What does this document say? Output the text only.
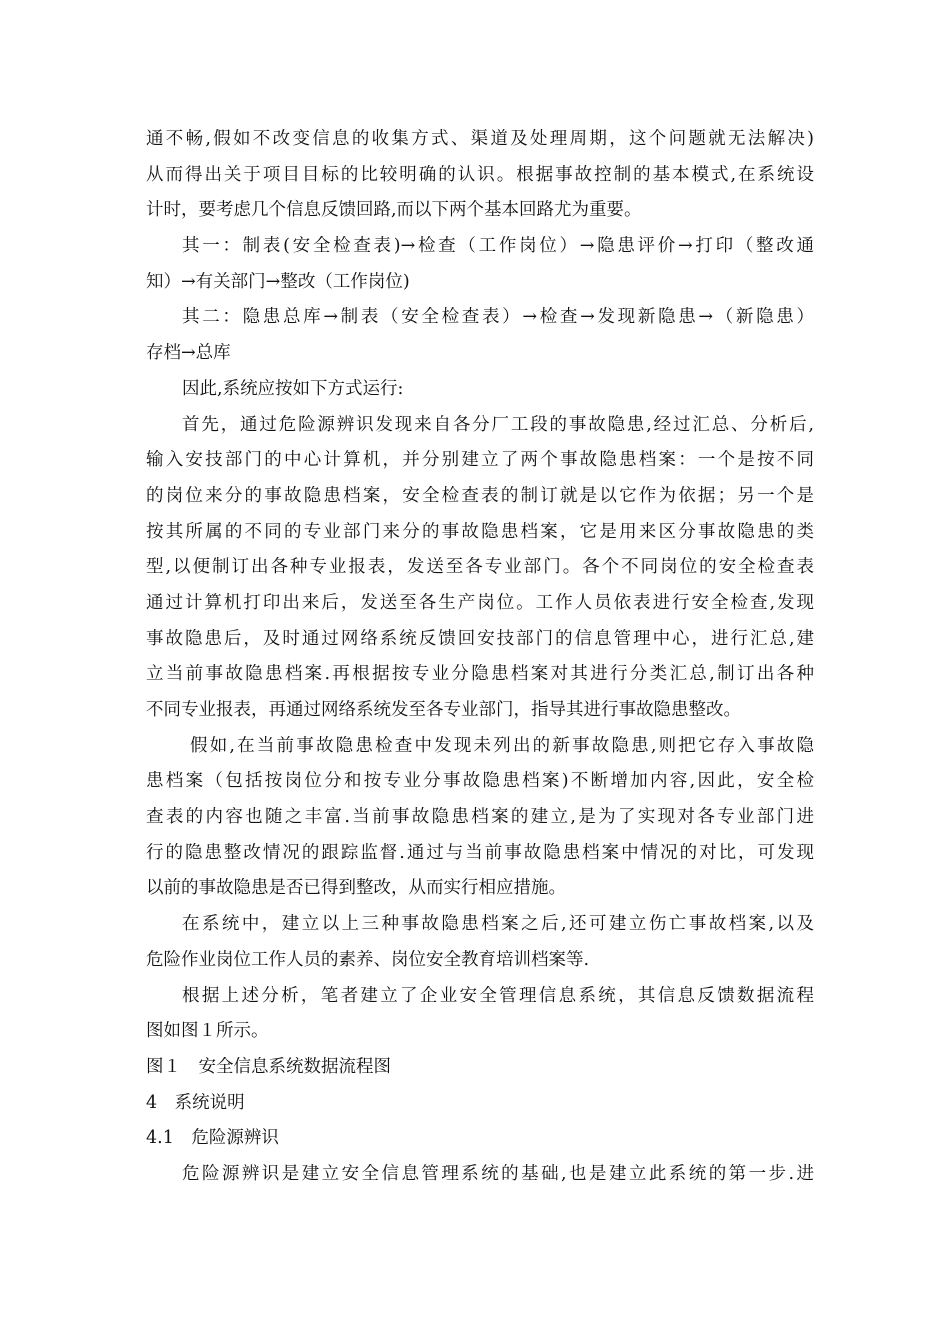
通不畅,假如不改变信息的收集方式、渠道及处理周期，这个问题就无法解决)
从而得出关于项目目标的比较明确的认识。根据事故控制的基本模式,在系统设
计时，要考虑几个信息反馈回路,而以下两个基本回路尤为重要。
其一：制表(安全检查表)→检查（工作岗位）→隐患评价→打印（整改通
知）→有关部门→整改（工作岗位)
其二：隐患总库→制表（安全检查表）→检查→发现新隐患→（新隐患）
存档→总库
因此,系统应按如下方式运行:
首先，通过危险源辨识发现来自各分厂工段的事故隐患,经过汇总、分析后,
输入安技部门的中心计算机，并分别建立了两个事故隐患档案：一个是按不同
的岗位来分的事故隐患档案，安全检查表的制订就是以它作为依据；另一个是
按其所属的不同的专业部门来分的事故隐患档案，它是用来区分事故隐患的类
型,以便制订出各种专业报表，发送至各专业部门。各个不同岗位的安全检查表
通过计算机打印出来后，发送至各生产岗位。工作人员依表进行安全检查,发现
事故隐患后，及时通过网络系统反馈回安技部门的信息管理中心，进行汇总,建
立当前事故隐患档案.再根据按专业分隐患档案对其进行分类汇总,制订出各种
不同专业报表，再通过网络系统发至各专业部门，指导其进行事故隐患整改。
假如,在当前事故隐患检查中发现未列出的新事故隐患,则把它存入事故隐
患档案（包括按岗位分和按专业分事故隐患档案)不断增加内容,因此，安全检
查表的内容也随之丰富.当前事故隐患档案的建立,是为了实现对各专业部门进
行的隐患整改情况的跟踪监督.通过与当前事故隐患档案中情况的对比，可发现
以前的事故隐患是否已得到整改，从而实行相应措施。
在系统中，建立以上三种事故隐患档案之后,还可建立伤亡事故档案,以及
危险作业岗位工作人员的素养、岗位安全教育培训档案等.
根据上述分析，笔者建立了企业安全管理信息系统，其信息反馈数据流程
图如图１所示。
图１　安全信息系统数据流程图
4　系统说明
4.1　危险源辨识
危险源辨识是建立安全信息管理系统的基础,也是建立此系统的第一步.进
